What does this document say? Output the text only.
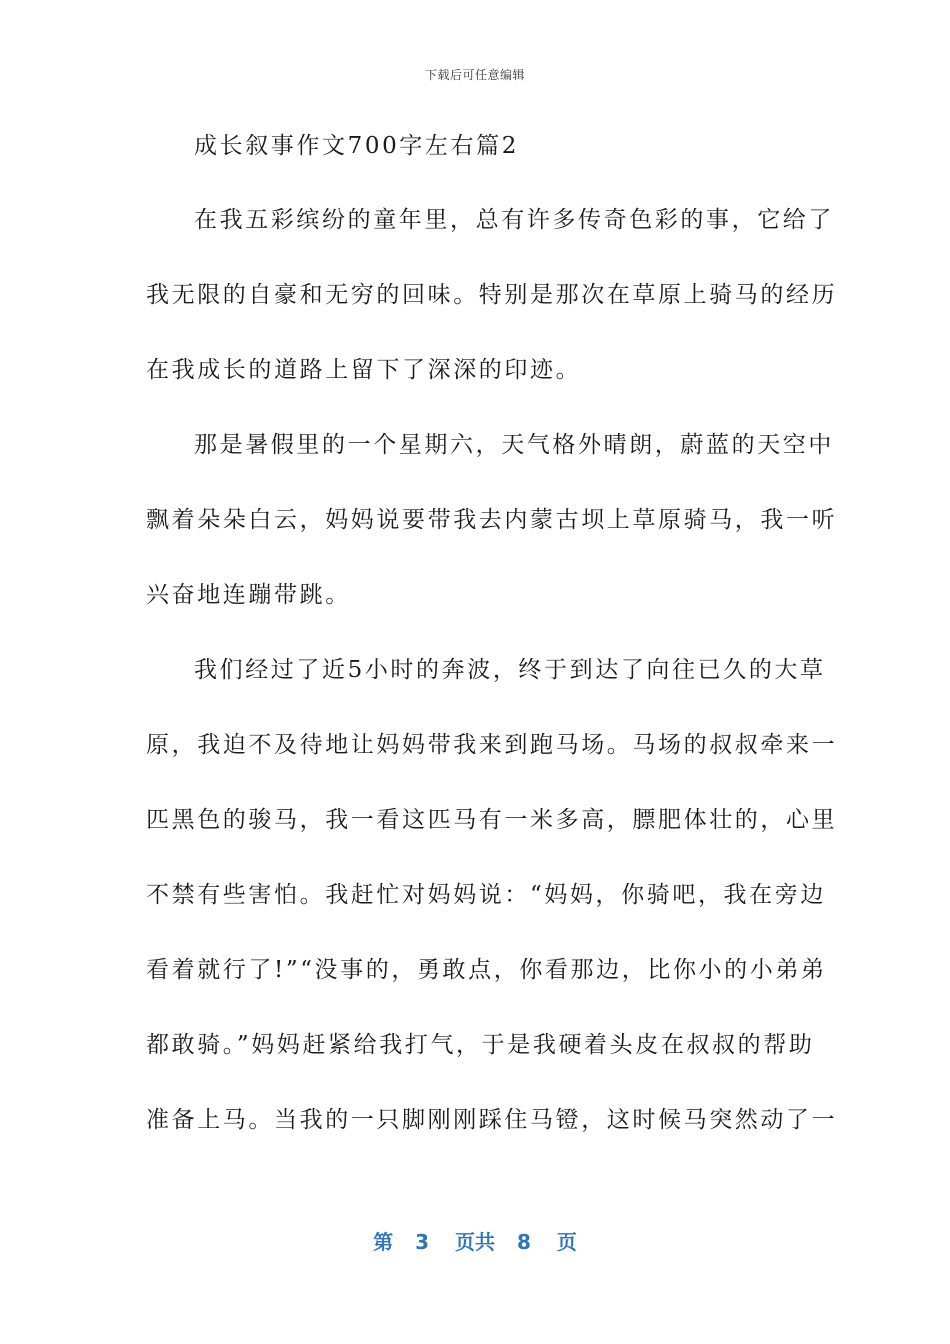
下载后可任意编辑
成长叙事作文700字左右篇2
在我五彩缤纷的童年里，总有许多传奇色彩的事，它给了
我无限的自豪和无穷的回味。特别是那次在草原上骑马的经历
在我成长的道路上留下了深深的印迹。
那是暑假里的一个星期六，天气格外晴朗，蔚蓝的天空中
飘着朵朵白云，妈妈说要带我去内蒙古坝上草原骑马，我一听
兴奋地连蹦带跳。
我们经过了近5小时的奔波，终于到达了向往已久的大草
原，我迫不及待地让妈妈带我来到跑马场。马场的叔叔牵来一
匹黑色的骏马，我一看这匹马有一米多高，膘肥体壮的，心里
不禁有些害怕。我赶忙对妈妈说：“妈妈，你骑吧，我在旁边
看着就行了!”“没事的，勇敢点，你看那边，比你小的小弟弟
都敢骑。”妈妈赶紧给我打气，于是我硬着头皮在叔叔的帮助
准备上马。当我的一只脚刚刚踩住马镫，这时候马突然动了一
第 3 页共 8 页
